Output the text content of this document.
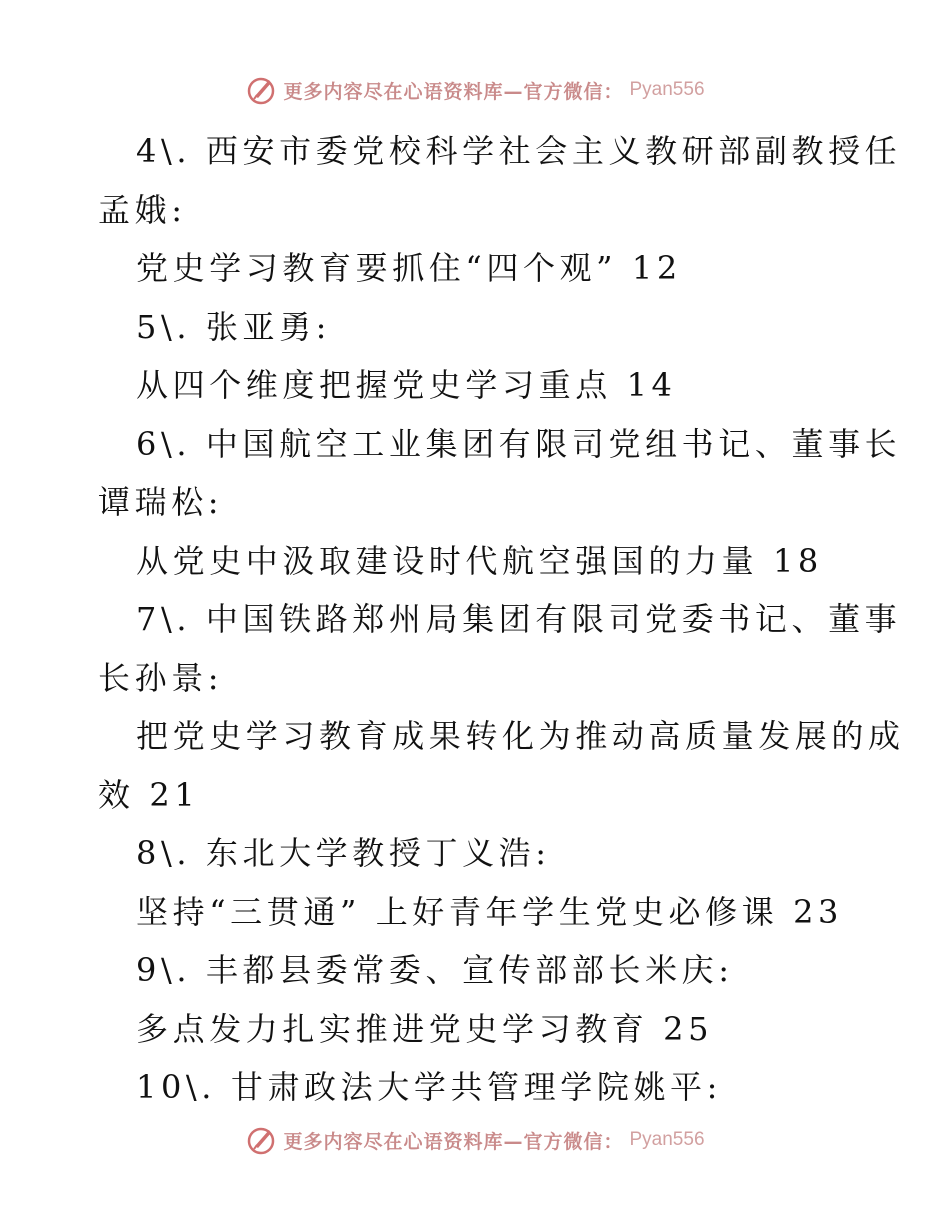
更多内容尽在心语资料库—官方微信： Pyan556
4\. 西安市委党校科学社会主义教研部副教授任
孟娥:
党史学习教育要抓住“四个观” 12
5\. 张亚勇:
从四个维度把握党史学习重点 14
6\. 中国航空工业集团有限司党组书记、董事长
谭瑞松:
从党史中汲取建设时代航空强国的力量 18
7\. 中国铁路郑州局集团有限司党委书记、董事
长孙景:
把党史学习教育成果转化为推动高质量发展的成
效 21
8\. 东北大学教授丁义浩:
坚持“三贯通” 上好青年学生党史必修课 23
9\. 丰都县委常委、宣传部部长米庆:
多点发力扎实推进党史学习教育 25
10\. 甘肃政法大学共管理学院姚平:
更多内容尽在心语资料库—官方微信： Pyan556
